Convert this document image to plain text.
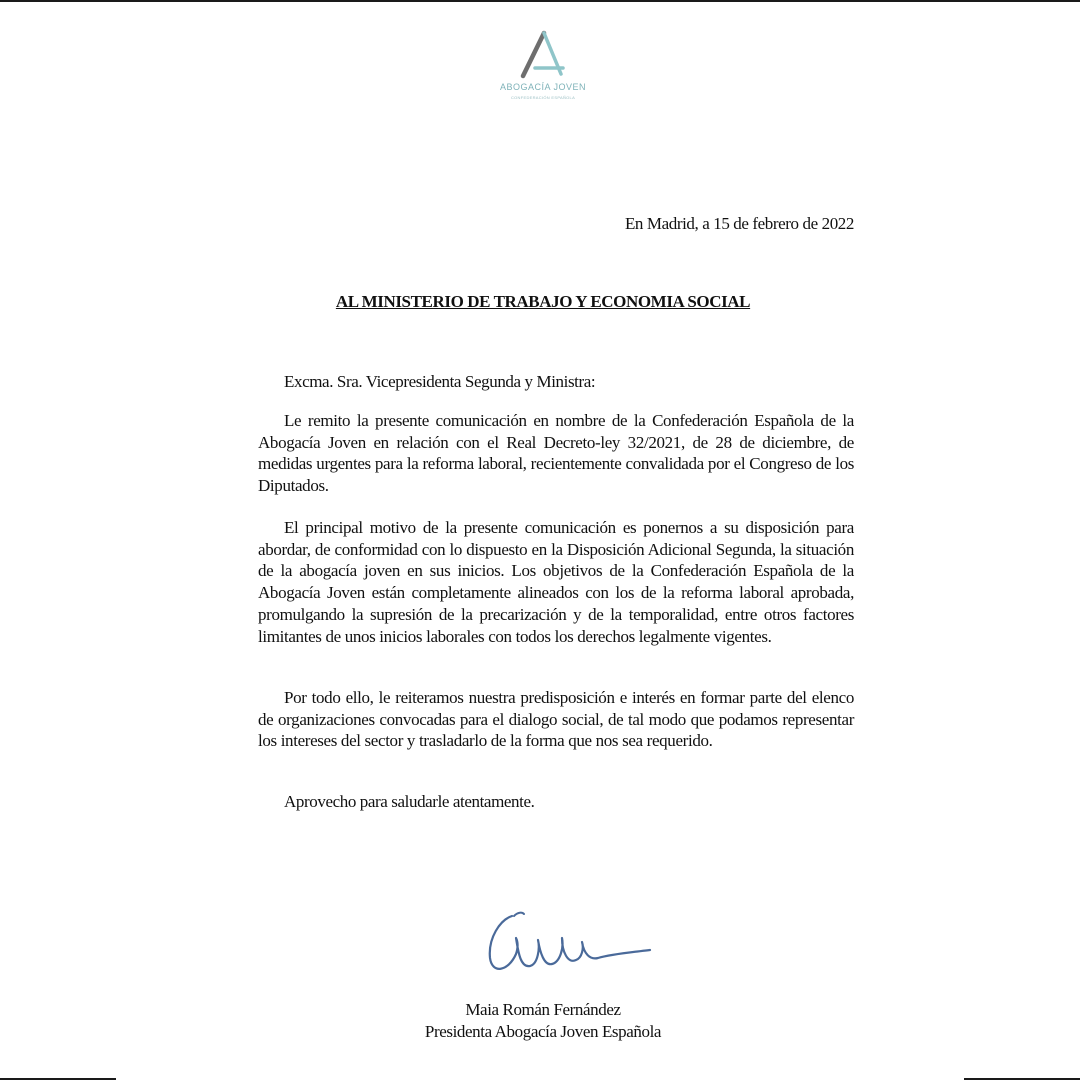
ABOGACÍA JOVEN
CONFEDERACIÓN ESPAÑOLA
En Madrid, a 15 de febrero de 2022
AL MINISTERIO DE TRABAJO Y ECONOMIA SOCIAL
Excma. Sra. Vicepresidenta Segunda y Ministra:

Le remito la presente comunicación en nombre de la Confederación Española de la Abogacía Joven en relación con el Real Decreto-ley 32/2021, de 28 de diciembre, de medidas urgentes para la reforma laboral, recientemente convalidada por el Congreso de los Diputados.

El principal motivo de la presente comunicación es ponernos a su disposición para abordar, de conformidad con lo dispuesto en la Disposición Adicional Segunda, la situación de la abogacía joven en sus inicios. Los objetivos de la Confederación Española de la Abogacía Joven están completamente alineados con los de la reforma laboral aprobada, promulgando la supresión de la precarización y de la temporalidad, entre otros factores limitantes de unos inicios laborales con todos los derechos legalmente vigentes.

Por todo ello, le reiteramos nuestra predisposición e interés en formar parte del elenco de organizaciones convocadas para el dialogo social, de tal modo que podamos representar los intereses del sector y trasladarlo de la forma que nos sea requerido.

Aprovecho para saludarle atentamente.
Maia Román Fernández
Presidenta Abogacía Joven Española
